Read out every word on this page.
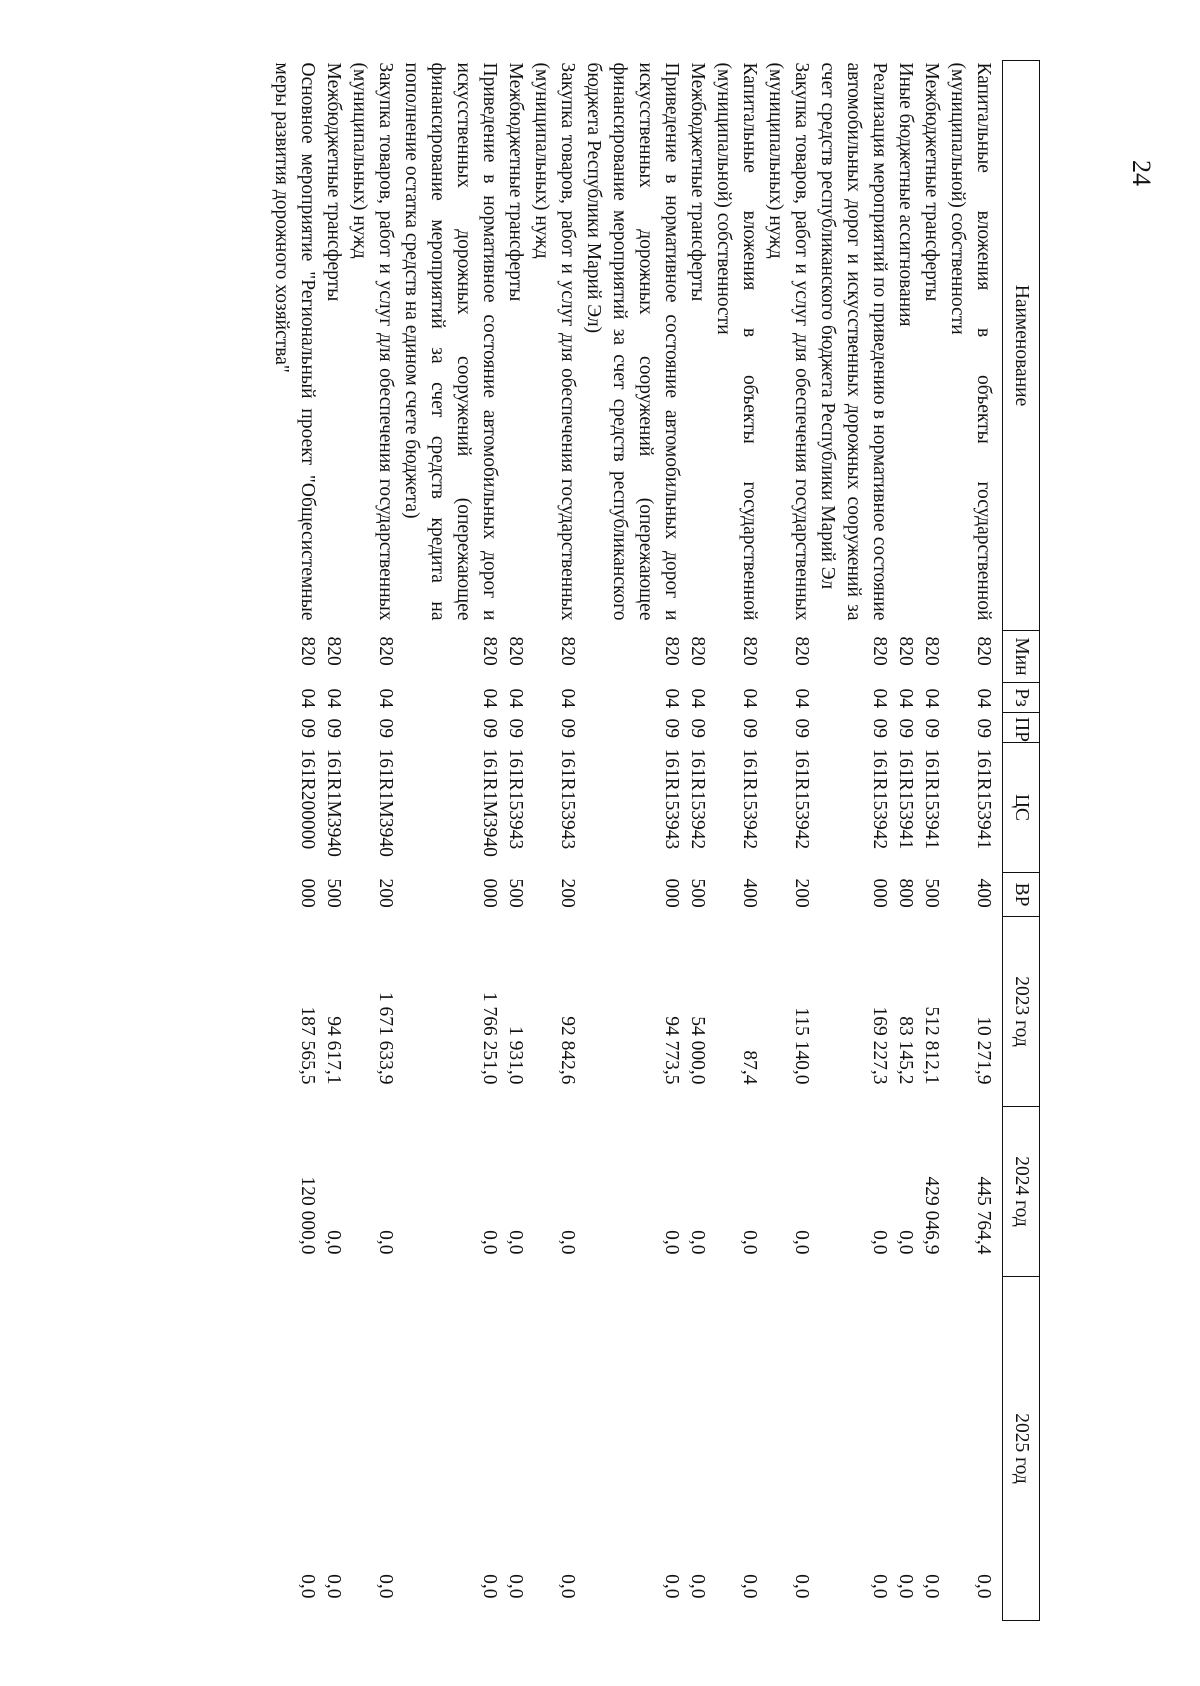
24
Наименование	Мин	Рз	ПР	ЦС	ВР	2023 год	2024 год	2025 год
Капитальные вложения в объекты государственной (муниципальной) собственности	820	04	09	161R153941	400	10 271,9	445 764,4	0,0
Межбюджетные трансферты	820	04	09	161R153941	500	512 812,1	429 046,9	0,0
Иные бюджетные ассигнования	820	04	09	161R153941	800	83 145,2	0,0	0,0
Реализация мероприятий по приведению в нормативное состояние автомобильных дорог и искусственных дорожных сооружений за счет средств республиканского бюджета Республики Марий Эл	820	04	09	161R153942	000	169 227,3	0,0	0,0
Закупка товаров, работ и услуг для обеспечения государственных (муниципальных) нужд	820	04	09	161R153942	200	115 140,0	0,0	0,0
Капитальные вложения в объекты государственной (муниципальной) собственности	820	04	09	161R153942	400	87,4	0,0	0,0
Межбюджетные трансферты	820	04	09	161R153942	500	54 000,0	0,0	0,0
Приведение в нормативное состояние автомобильных дорог и искусственных дорожных сооружений (опережающее финансирование мероприятий за счет средств республиканского бюджета Республики Марий Эл)	820	04	09	161R153943	000	94 773,5	0,0	0,0
Закупка товаров, работ и услуг для обеспечения государственных (муниципальных) нужд	820	04	09	161R153943	200	92 842,6	0,0	0,0
Межбюджетные трансферты	820	04	09	161R153943	500	1 931,0	0,0	0,0
Приведение в нормативное состояние автомобильных дорог и искусственных дорожных сооружений (опережающее финансирование мероприятий за счет средств кредита на пополнение остатка средств на едином счете бюджета)	820	04	09	161R1M3940	000	1 766 251,0	0,0	0,0
Закупка товаров, работ и услуг для обеспечения государственных (муниципальных) нужд	820	04	09	161R1M3940	200	1 671 633,9	0,0	0,0
Межбюджетные трансферты	820	04	09	161R1M3940	500	94 617,1	0,0	0,0
Основное мероприятие "Региональный проект "Общесистемные меры развития дорожного хозяйства"	820	04	09	161R200000	000	187 565,5	120 000,0	0,0
